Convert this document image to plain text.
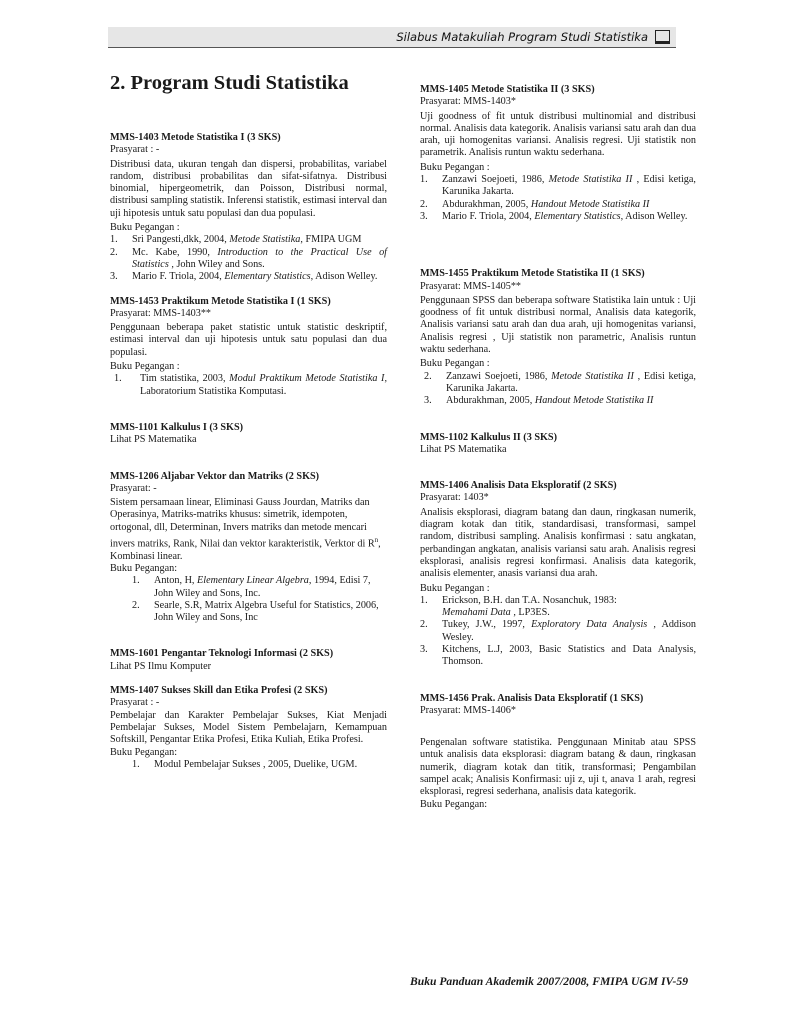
Silabus Matakuliah Program Studi Statistika
2. Program Studi Statistika
MMS-1403 Metode Statistika I (3 SKS)
Prasyarat : -
Distribusi data, ukuran tengah dan dispersi, probabilitas, variabel random, distribusi probabilitas dan sifat-sifatnya. Distribusi binomial, hipergeometrik, dan Poisson, Distribusi normal, distribusi sampling statistik. Inferensi statistik, estimasi interval dan uji hipotesis untuk satu populasi dan dua populasi.
Buku Pegangan :
1.	Sri Pangesti,dkk, 2004, Metode Statistika, FMIPA UGM
2.	Mc. Kabe, 1990, Introduction to the Practical Use of Statistics , John Wiley and Sons.
3.	Mario F. Triola, 2004, Elementary Statistics, Adison Welley.
MMS-1453 Praktikum Metode Statistika I (1 SKS)
Prasyarat: MMS-1403**
Penggunaan beberapa paket statistic untuk statistic deskriptif, estimasi interval dan uji hipotesis untuk satu populasi dan dua populasi.
Buku Pegangan :
1.	Tim statistika, 2003, Modul Praktikum Metode Statistika I, Laboratorium Statistika Komputasi.
MMS-1101 Kalkulus I (3 SKS)
Lihat PS Matematika
MMS-1206 Aljabar Vektor dan Matriks (2 SKS)
Prasyarat: -
Sistem persamaan linear, Eliminasi Gauss Jourdan, Matriks dan Operasinya, Matriks-matriks khusus: simetrik, idempoten, ortogonal, dll, Determinan, Invers matriks dan metode mencari invers matriks, Rank, Nilai dan vektor karakteristik, Verktor di $R^n$, Kombinasi linear.
Buku Pegangan:
1.	Anton, H, Elementary Linear Algebra, 1994, Edisi 7, John Wiley and Sons, Inc.
2.	Searle, S.R, Matrix Algebra Useful for Statistics, 2006, John Wiley and Sons, Inc
MMS-1601 Pengantar Teknologi Informasi (2 SKS)
Lihat PS Ilmu Komputer
MMS-1407 Sukses Skill dan Etika Profesi (2 SKS)
Prasyarat : -
Pembelajar dan Karakter Pembelajar Sukses, Kiat Menjadi Pembelajar Sukses, Model Sistem Pembelajarn, Kemampuan Softskill, Pengantar Etika Profesi, Etika Kuliah, Etika Profesi.
Buku Pegangan:
1.	Modul Pembelajar Sukses , 2005, Duelike, UGM.
MMS-1405 Metode Statistika II (3 SKS)
Prasyarat: MMS-1403*
Uji goodness of fit untuk distribusi multinomial and distribusi normal. Analisis data kategorik. Analisis variansi satu arah dan dua arah, uji homogenitas variansi. Analisis regresi. Uji statistik non parametrik. Analisis runtun waktu sederhana.
Buku Pegangan :
1.	Zanzawi Soejoeti, 1986, Metode Statistika II , Edisi ketiga, Karunika Jakarta.
2.	Abdurakhman, 2005, Handout Metode Statistika II
3.	Mario F. Triola, 2004, Elementary Statistics, Adison Welley.
MMS-1455 Praktikum Metode Statistika II (1 SKS)
Prasyarat: MMS-1405**
Penggunaan SPSS dan beberapa software Statistika lain untuk : Uji goodness of fit untuk distribusi normal, Analisis data kategorik, Analisis variansi satu arah dan dua arah, uji homogenitas variansi, Analisis regresi , Uji statistik non parametric, Analisis runtun waktu sederhana.
Buku Pegangan :
2.	Zanzawi Soejoeti, 1986, Metode Statistika II , Edisi ketiga, Karunika Jakarta.
3.	Abdurakhman, 2005, Handout Metode Statistika II
MMS-1102 Kalkulus II (3 SKS)
Lihat PS Matematika
MMS-1406 Analisis Data Eksploratif (2 SKS)
Prasyarat: 1403*
Analisis eksplorasi, diagram batang dan daun, ringkasan numerik, diagram kotak dan titik, standardisasi, transformasi, sampel random, distribusi sampling. Analisis konfirmasi : satu angkatan, perbandingan angkatan, analisis variansi satu arah. Analisis regresi eksplorasi, analisis regresi konfirmasi. Analisis data kategorik, analisis elementer, anasis variansi dua arah.
Buku Pegangan :
1.	Erickson, B.H. dan T.A. Nosanchuk, 1983:
Memahami Data , LP3ES.
2.	Tukey, J.W., 1997, Exploratory Data Analysis , Addison Wesley.
3.	Kitchens, L.J, 2003, Basic Statistics and Data Analysis, Thomson.
MMS-1456 Prak. Analisis Data Eksploratif (1 SKS)
Prasyarat: MMS-1406*
Pengenalan software statistika. Penggunaan Minitab atau SPSS untuk analisis data eksplorasi: diagram batang & daun, ringkasan numerik, diagram kotak dan titik, transformasi; Pengambilan sampel acak; Analisis Konfirmasi: uji z, uji t, anava 1 arah, regresi eksplorasi, regresi sederhana, analisis data kategorik.
Buku Pegangan:
Buku Panduan Akademik 2007/2008, FMIPA UGM IV-59
